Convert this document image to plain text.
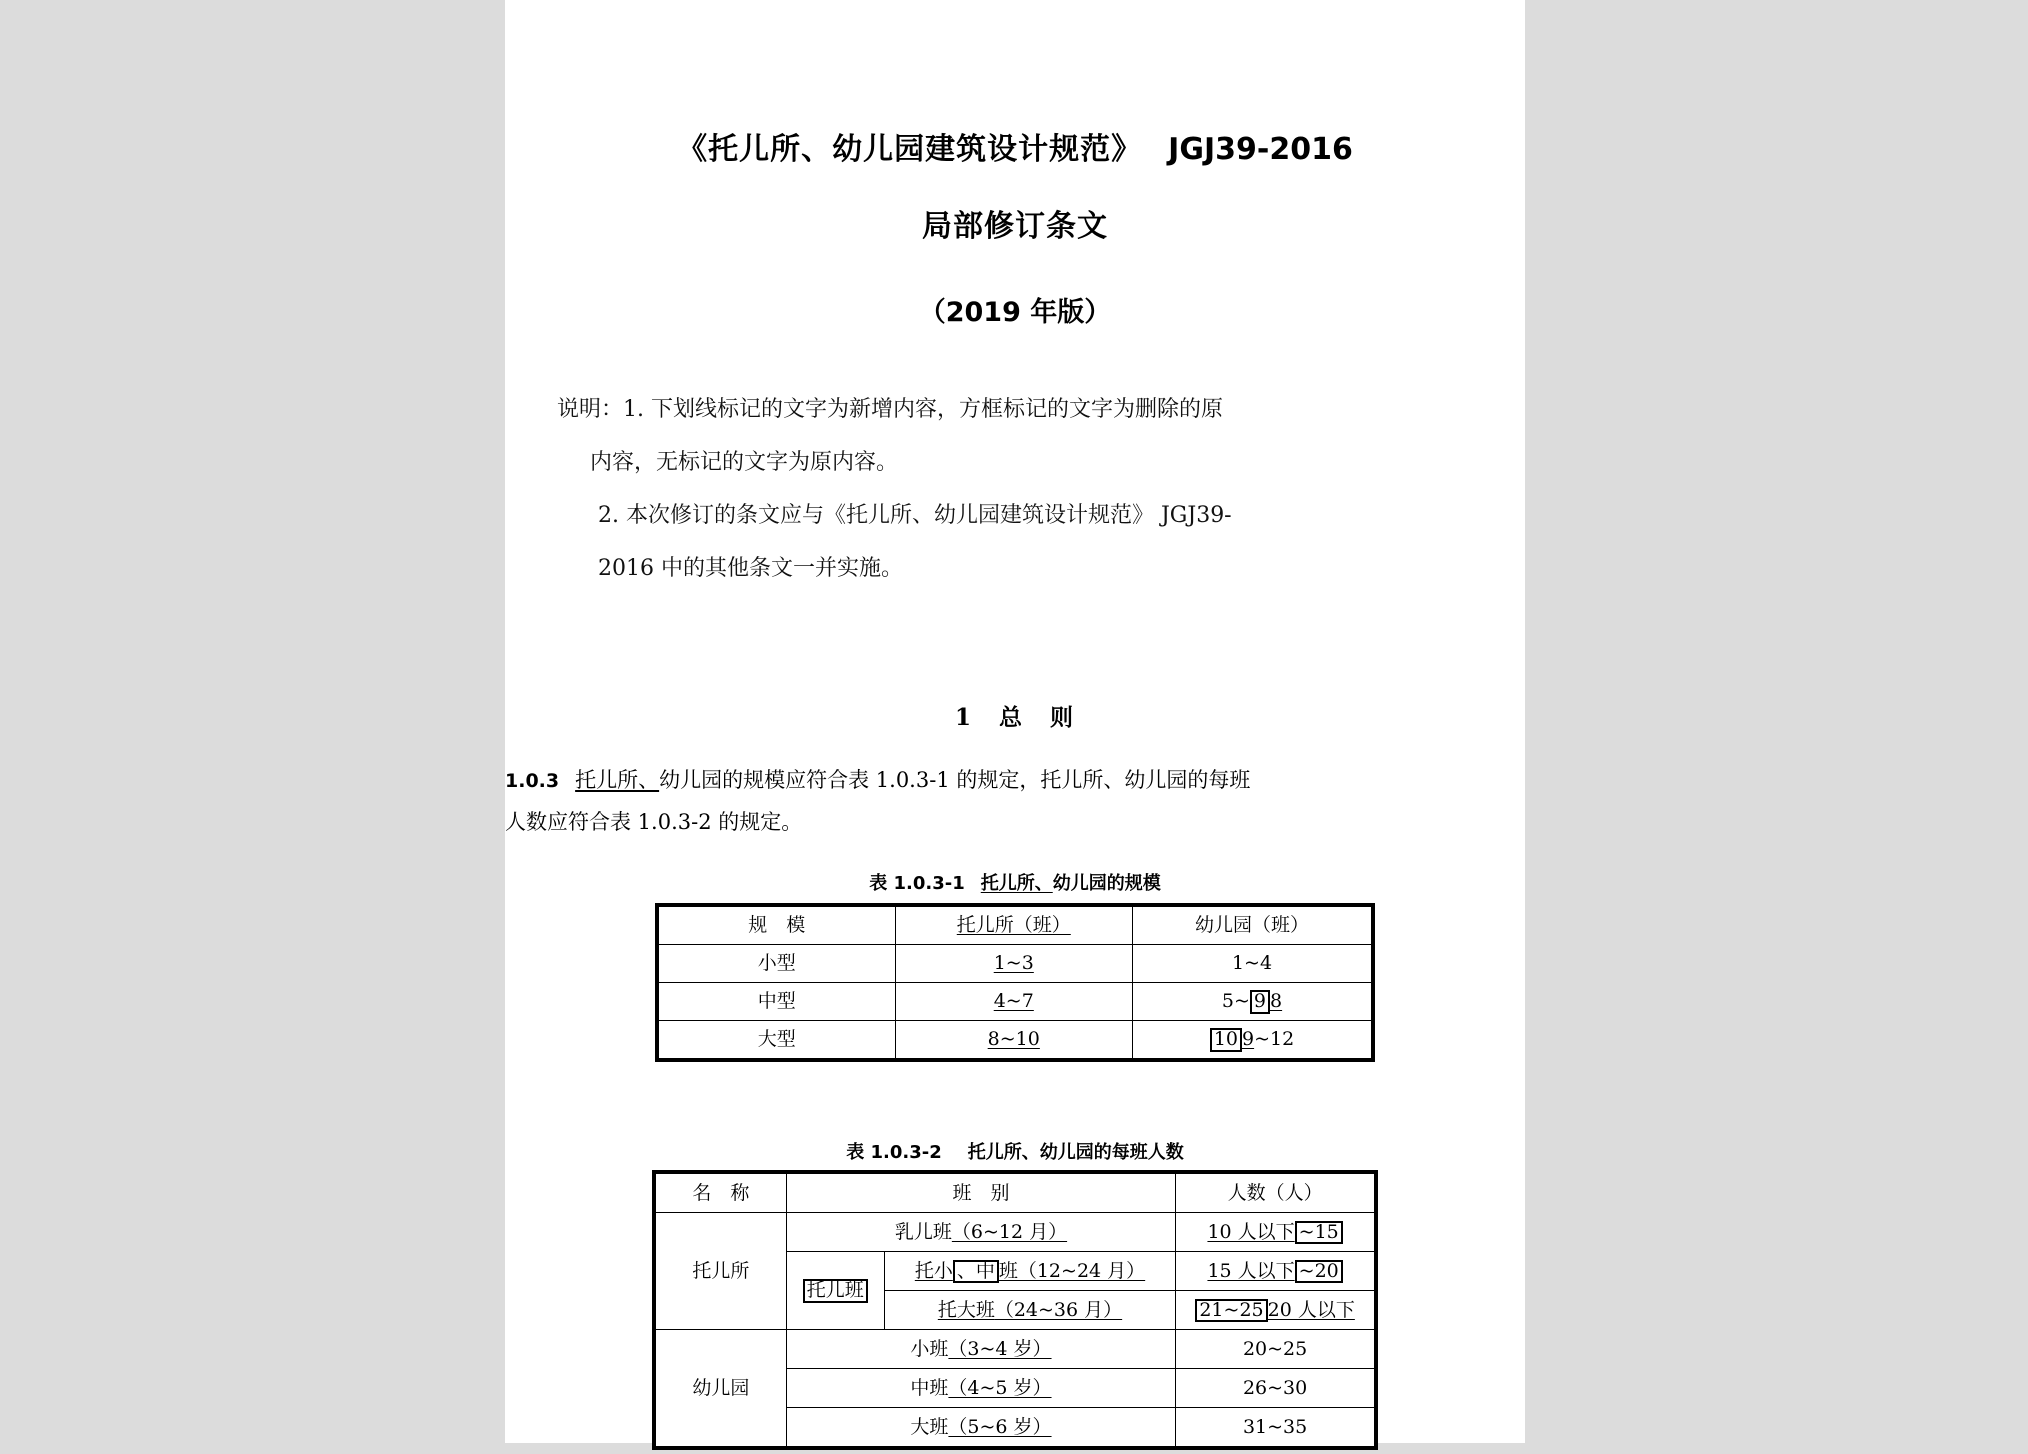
《托儿所、幼儿园建筑设计规范》 JGJ39-2016
局部修订条文
（2019 年版）
说明：1. 下划线标记的文字为新增内容，方框标记的文字为删除的原
内容，无标记的文字为原内容。
2. 本次修订的条文应与《托儿所、幼儿园建筑设计规范》 JGJ39-
2016 中的其他条文一并实施。
1 总 则
1.0.3 托儿所、幼儿园的规模应符合表 1.0.3-1 的规定，托儿所、幼儿园的每班
人数应符合表 1.0.3-2 的规定。
表 1.0.3-1 托儿所、幼儿园的规模
规　模	托儿所（班）	幼儿园（班）
小型	1~3	1~4
中型	4~7	5~ 9 8
大型	8~10	10 9~12
表 1.0.3-2 托儿所、幼儿园的每班人数
名　称	班　别		人数（人）
托儿所	乳儿班（6~12 月）		10 人以下 ~15
	托儿班	托小 、中 班（12~24 月）	15 人以下 ~20
		托大班（24~36 月）	21~25 20 人以下
幼儿园	小班（3~4 岁）		20~25
	中班（4~5 岁）		26~30
	大班（5~6 岁）		31~35
